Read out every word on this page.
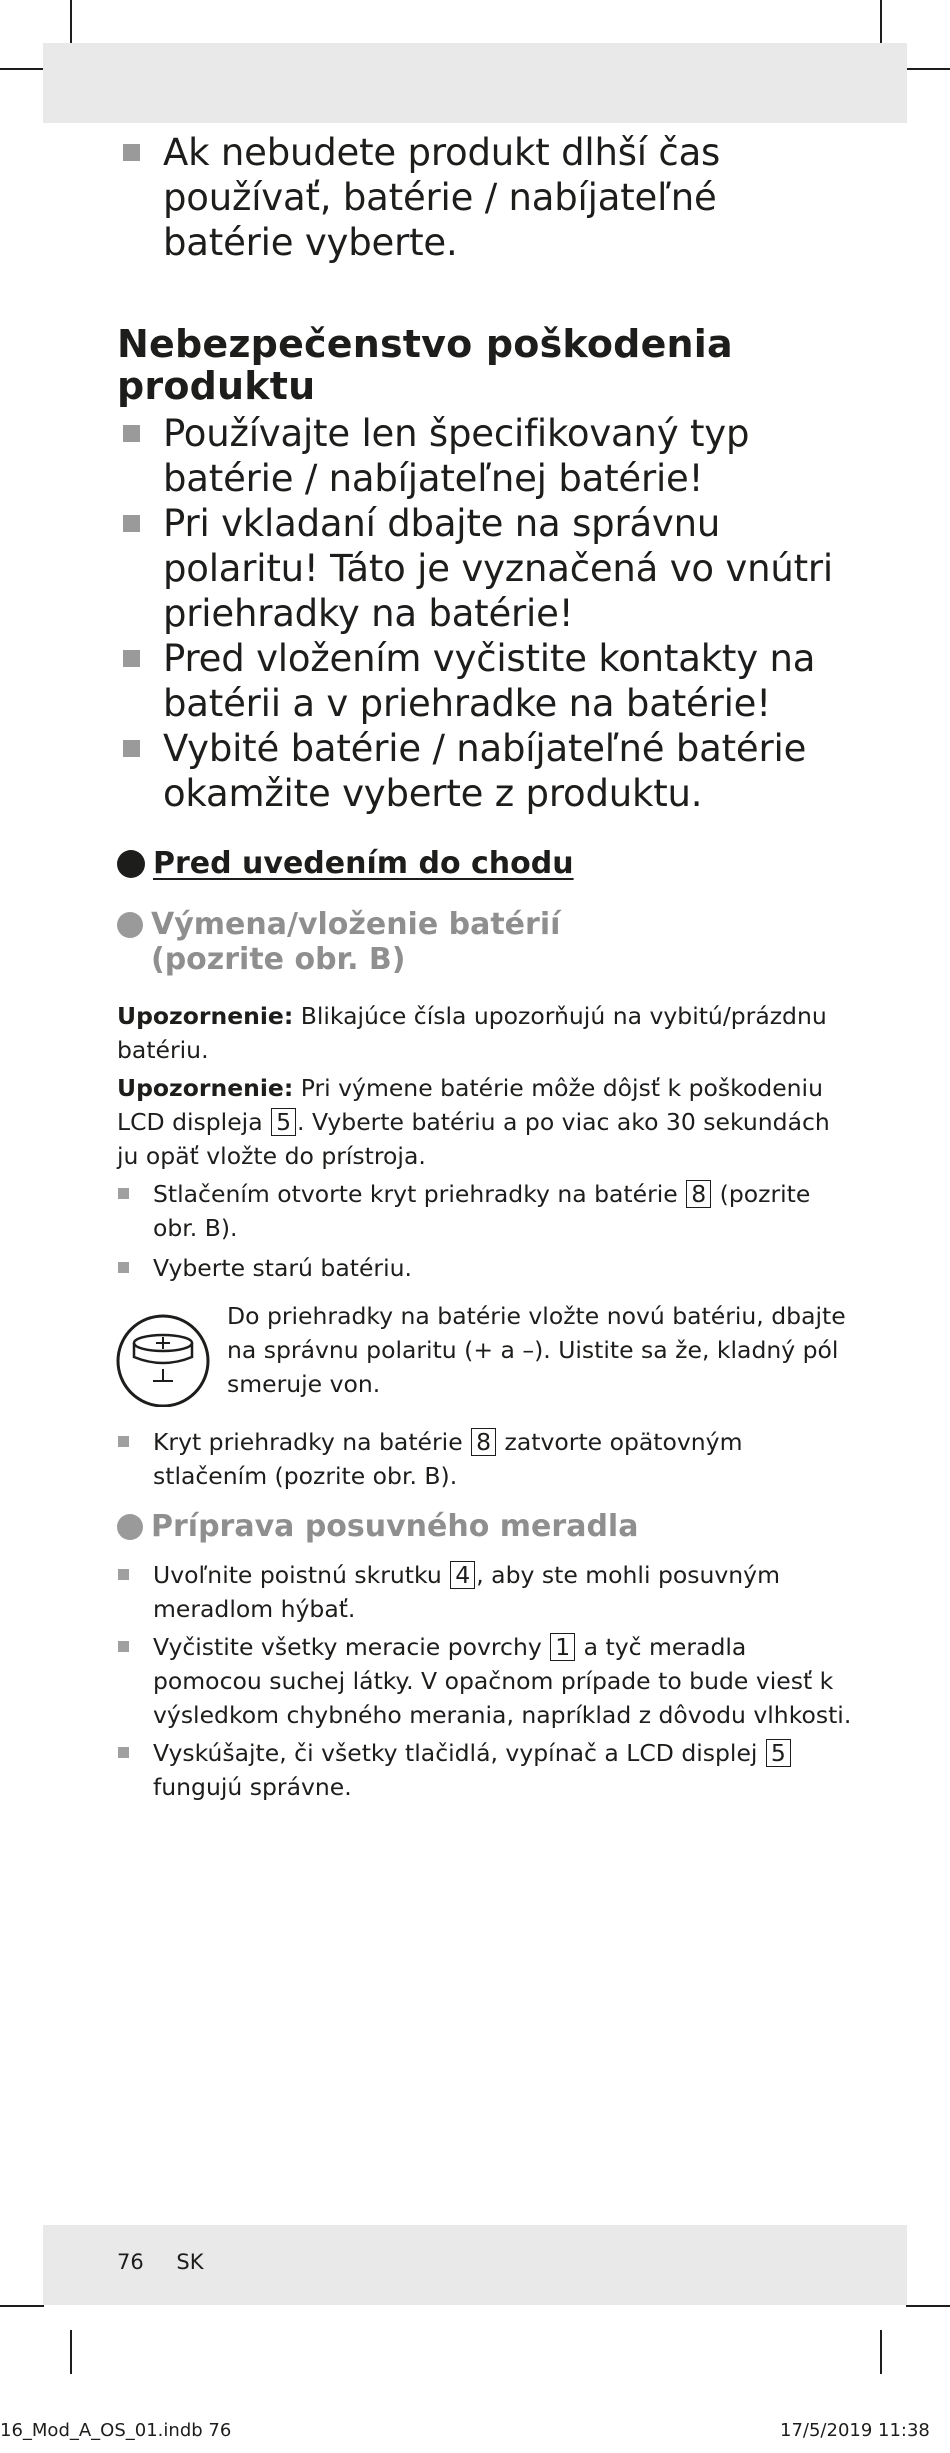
Ak nebudete produkt dlhší čas používať, batérie / nabíjateľné batérie vyberte.

Nebezpečenstvo poškodenia
produktu

Používajte len špecifikovaný typ batérie / nabíjateľnej batérie!

Pri vkladaní dbajte na správnu polaritu! Táto je vyznačená vo vnútri priehradky na batérie!

Pred vložením vyčistite kontakty na batérii a v priehradke na batérie!

Vybité batérie / nabíjateľné batérie okamžite vyberte z produktu.

Pred uvedením do chodu
Výmena/vloženie batérií
(pozrite obr. B)

Upozornenie: Blikajúce čísla upozorňujú na vybitú/prázdnu batériu.

Upozornenie: Pri výmene batérie môže dôjsť k poškodeniu LCD displeja 5 . Vyberte batériu a po viac ako 30 sekundách ju opäť vložte do prístroja.

Stlačením otvorte kryt priehradky na batérie 8 (pozrite obr. B).

Vyberte starú batériu.

Do priehradky na batérie vložte novú batériu, dbajte na správnu polaritu (+ a –). Uistite sa že, kladný pól smeruje von.

Kryt priehradky na batérie 8 zatvorte opätovným stlačením (pozrite obr. B).

Príprava posuvného meradla

Uvoľnite poistnú skrutku 4 , aby ste mohli posuvným meradlom hýbať.

Vyčistite všetky meracie povrchy 1 a tyč meradla pomocou suchej látky. V opačnom prípade to bude viesť k výsledkom chybného merania, napríklad z dôvodu vlhkosti.

Vyskúšajte, či všetky tlačidlá, vypínač a LCD displej 5 fungujú správne.

76 SK
16_Mod_A_OS_01.indb 76	17/5/2019 11:38
